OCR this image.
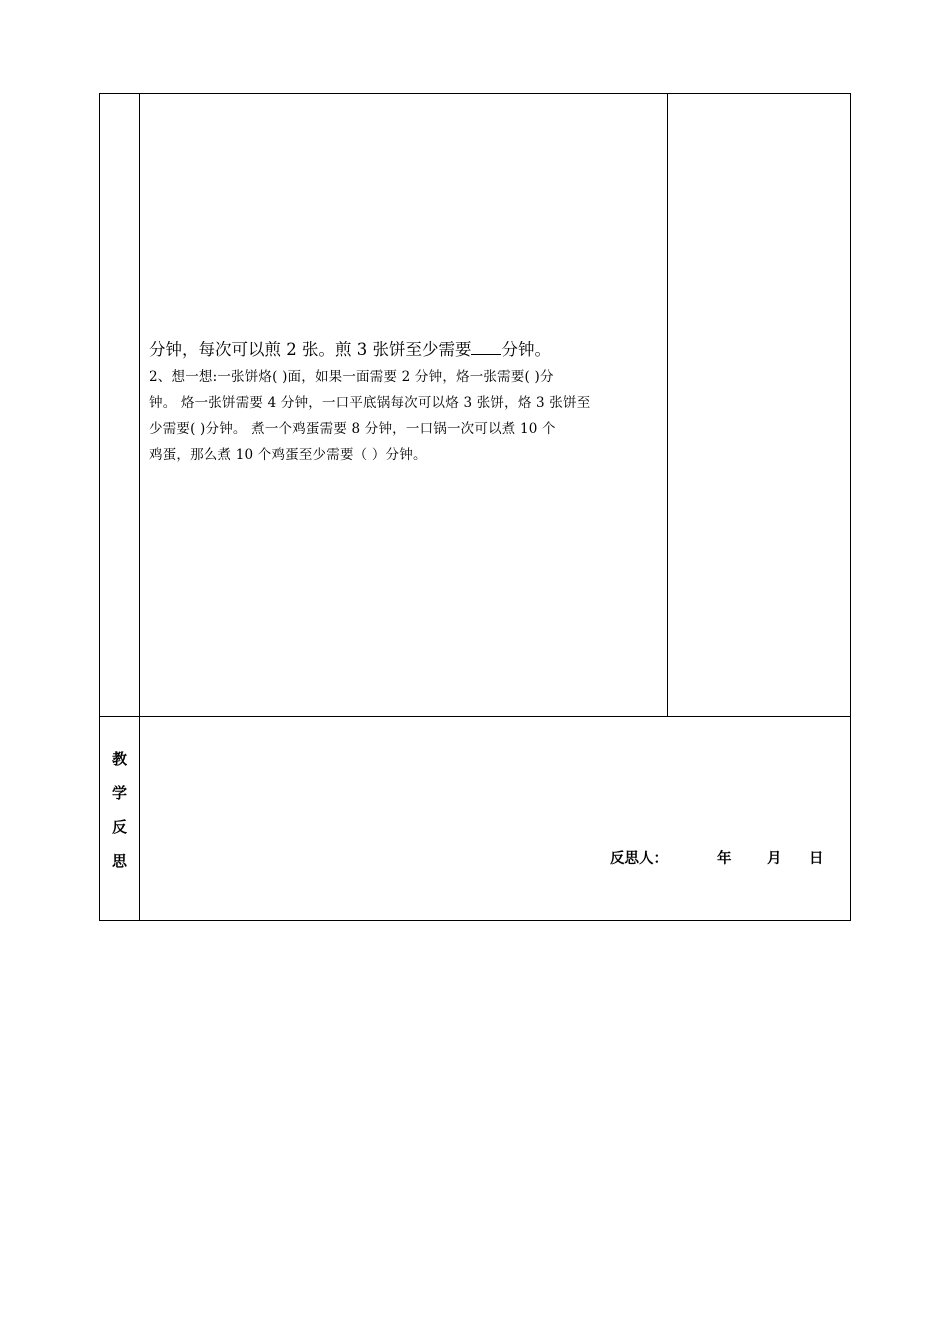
分钟，每次可以煎 2 张。煎 3 张饼至少需要 分钟。
2、想一想:一张饼烙( )面，如果一面需要 2 分钟，烙一张需要( )分
钟。 烙一张饼需要 4 分钟，一口平底锅每次可以烙 3 张饼，烙 3 张饼至
少需要( )分钟。 煮一个鸡蛋需要 8 分钟，一口锅一次可以煮 10 个
鸡蛋，那么煮 10 个鸡蛋至少需要（ ）分钟。
教
学
反
思	反思人：	年 月 日
